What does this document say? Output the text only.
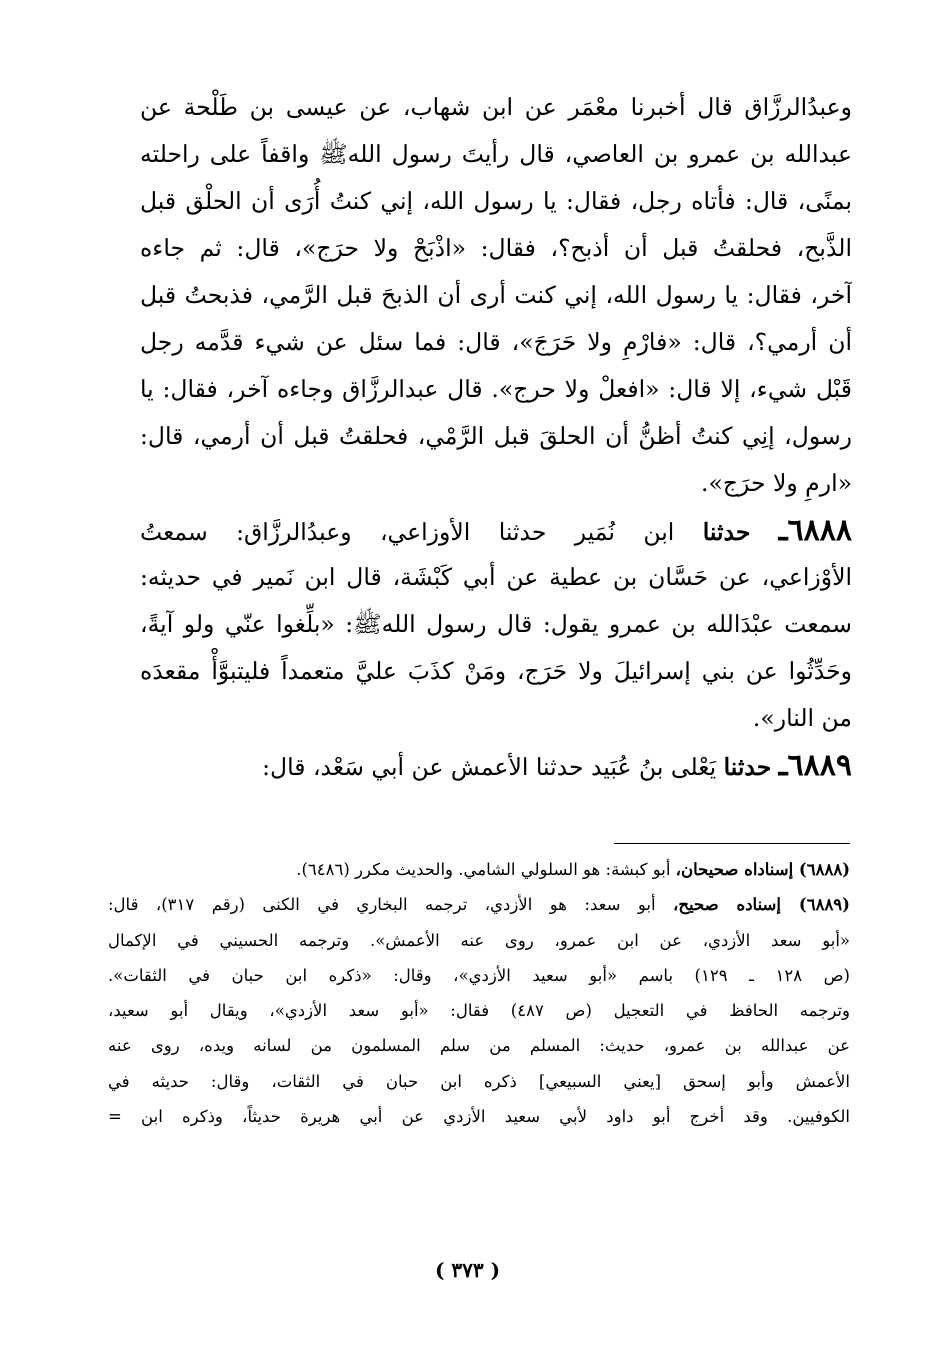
وعبدُالرزَّاق قال أخبرنا معْمَر عن ابن شهاب، عن عيسى بن طَلْحة عن
عبدالله بن عمرو بن العاصي، قال رأيتَ رسول اللهﷺ واقفاً على راحلته
بمنًى، قال: فأتاه رجل، فقال: يا رسول الله، إني كنتُ أُرَى أن الحلْق قبل
الذَّبح، فحلقتُ قبل أن أذبح؟، فقال: «اذْبَحْ ولا حرَج»، قال: ثم جاءه
آخر، فقال: يا رسول الله، إني كنت أرى أن الذبحَ قبل الرَّمي، فذبحتُ قبل
أن أرمي؟، قال: «فارْمِ ولا حَرَجَ»، قال: فما سئل عن شيء قدَّمه رجل
قَبْل شيء، إلا قال: «افعلْ ولا حرج». قال عبدالرزَّاق وجاءه آخر، فقال: يا
رسول، إنِي كنتُ أظنُّ أن الحلقَ قبل الرَّمْي، فحلقتُ قبل أن أرمي، قال:
«ارمِ ولا حرَج».
٦٨٨٨ـ حدثنا ابن نُمَير حدثنا الأوزاعي، وعبدُالرزَّاق: سمعتُ
الأوْزاعي، عن حَسَّان بن عطية عن أبي كَبْشَة، قال ابن نَمير في حديثه:
سمعت عبْدَالله بن عمرو يقول: قال رسول اللهﷺ: «بلِّغوا عنّي ولو آيةً،
وحَدِّثُوا عن بني إسرائيلَ ولا حَرَج، ومَنْ كذَبَ عليَّ متعمداً فليتبوَّأْ مقعدَه
من النار».
٦٨٨٩ـ حدثنا يَعْلى بنُ عُبَيد حدثنا الأعمش عن أبي سَعْد، قال:
(٦٨٨٨) إسناداه صحيحان، أبو كبشة: هو السلولي الشامي. والحديث مكرر (٦٤٨٦).
(٦٨٨٩) إسناده صحيح، أبو سعد: هو الأزدي، ترجمه البخاري في الكنى (رقم ٣١٧)، قال:
«أبو سعد الأزدي، عن ابن عمرو، روى عنه الأعمش». وترجمه الحسيني في الإكمال
(ص ١٢٨ ـ ١٢٩) باسم «أبو سعيد الأزدي»، وقال: «ذكره ابن حبان في الثقات».
وترجمه الحافظ في التعجيل (ص ٤٨٧) فقال: «أبو سعد الأزدي»، ويقال أبو سعيد،
عن عبدالله بن عمرو، حديث: المسلم من سلم المسلمون من لسانه ويده، روى عنه
الأعمش وأبو إسحق [يعني السبيعي] ذكره ابن حبان في الثقات، وقال: حديثه في
الكوفيين. وقد أخرج أبو داود لأبي سعيد الأزدي عن أبي هريرة حديثاً، وذكره ابن =
( ٣٧٣ )
